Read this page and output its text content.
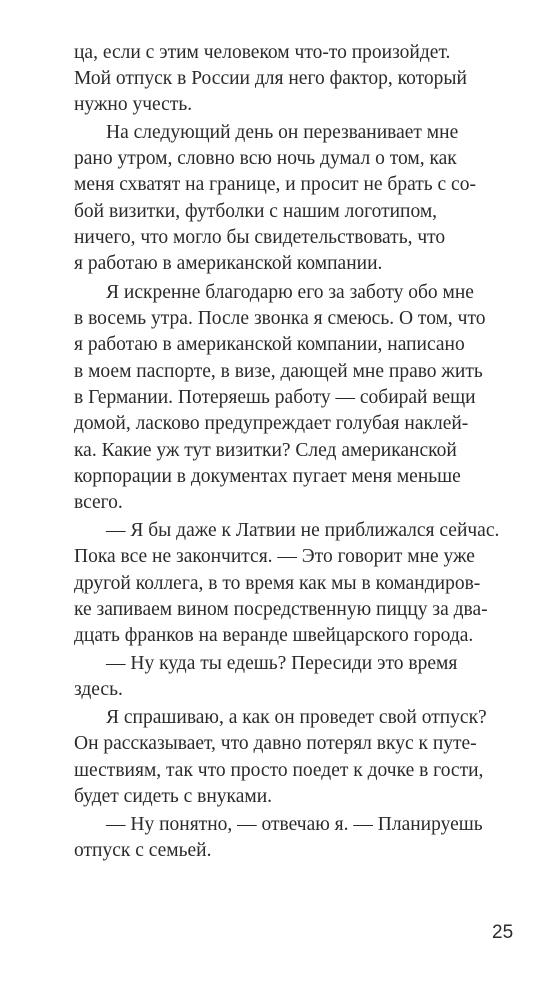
ца, если с этим человеком что-то произойдет.
Мой отпуск в России для него фактор, который
нужно учесть.
На следующий день он перезванивает мне
рано утром, словно всю ночь думал о том, как
меня схватят на границе, и просит не брать с со-
бой визитки, футболки с нашим логотипом,
ничего, что могло бы свидетельствовать, что
я работаю в американской компании.
Я искренне благодарю его за заботу обо мне
в восемь утра. После звонка я смеюсь. О том, что
я работаю в американской компании, написано
в моем паспорте, в визе, дающей мне право жить
в Германии. Потеряешь работу — собирай вещи
домой, ласково предупреждает голубая наклей-
ка. Какие уж тут визитки? След американской
корпорации в документах пугает меня меньше
всего.
— Я бы даже к Латвии не приближался сейчас.
Пока все не закончится. — Это говорит мне уже
другой коллега, в то время как мы в командиров-
ке запиваем вином посредственную пиццу за два-
дцать франков на веранде швейцарского города.
— Ну куда ты едешь? Пересиди это время
здесь.
Я спрашиваю, а как он проведет свой отпуск?
Он рассказывает, что давно потерял вкус к путе-
шествиям, так что просто поедет к дочке в гости,
будет сидеть с внуками.
— Ну понятно, — отвечаю я. — Планируешь
отпуск с семьей.
25
